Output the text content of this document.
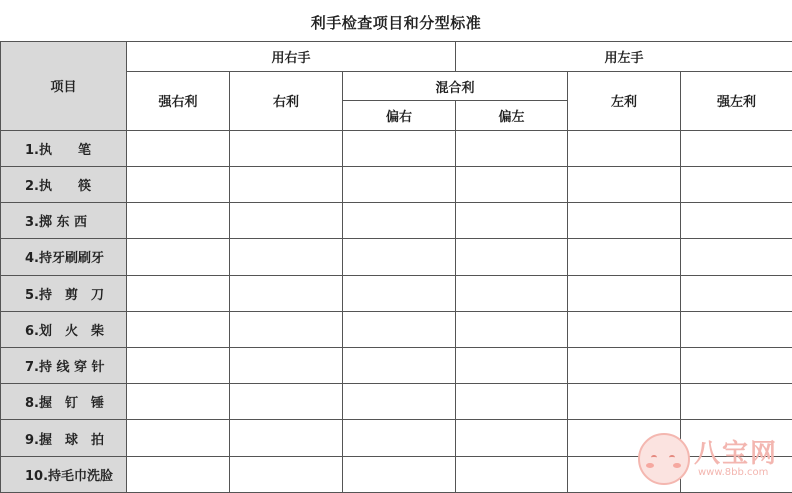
利手检查项目和分型标准
项目	用右手			用左手		
	强右利	右利	混合利		左利	强左利
			偏右	偏左		
1.执　　笔						
2.执　　筷						
3.掷 东 西						
4.持牙刷刷牙						
5.持　剪　刀						
6.划　火　柴						
7.持 线 穿 针						
8.握　钉　锤						
9.握　球　拍						
10.持毛巾洗脸						
八宝网
www.8bb.com
